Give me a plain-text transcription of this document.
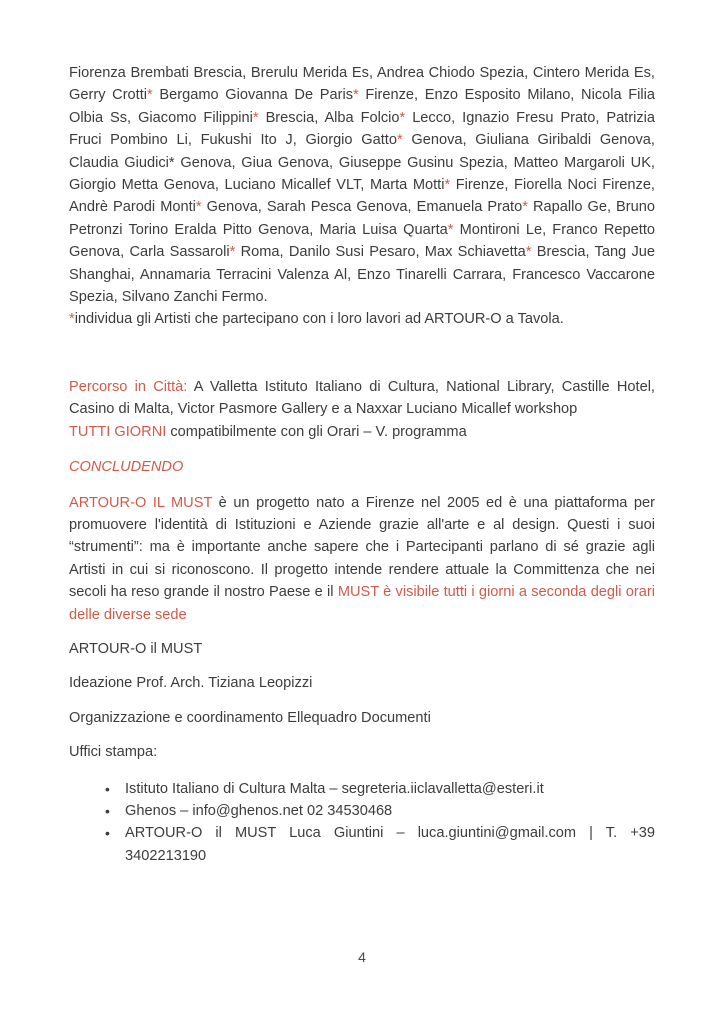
Fiorenza Brembati Brescia, Brerulu Merida Es, Andrea Chiodo Spezia, Cintero Merida Es, Gerry Crotti* Bergamo Giovanna De Paris* Firenze, Enzo Esposito Milano, Nicola Filia Olbia Ss, Giacomo Filippini* Brescia, Alba Folcio* Lecco, Ignazio Fresu Prato, Patrizia Fruci Pombino Li, Fukushi Ito J, Giorgio Gatto* Genova, Giuliana Giribaldi Genova, Claudia Giudici* Genova, Giua Genova, Giuseppe Gusinu Spezia, Matteo Margaroli UK, Giorgio Metta Genova, Luciano Micallef VLT, Marta Motti* Firenze, Fiorella Noci Firenze, Andrè Parodi Monti* Genova, Sarah Pesca Genova, Emanuela Prato* Rapallo Ge, Bruno Petronzi Torino Eralda Pitto Genova, Maria Luisa Quarta* Montironi Le, Franco Repetto Genova, Carla Sassaroli* Roma, Danilo Susi Pesaro, Max Schiavetta* Brescia, Tang Jue Shanghai, Annamaria Terracini Valenza Al, Enzo Tinarelli Carrara, Francesco Vaccarone Spezia, Silvano Zanchi Fermo.

*individua gli Artisti che partecipano con i loro lavori ad ARTOUR-O a Tavola.

Percorso in Città: A Valletta Istituto Italiano di Cultura, National Library, Castille Hotel, Casino di Malta, Victor Pasmore Gallery e a Naxxar Luciano Micallef workshop

TUTTI GIORNI compatibilmente con gli Orari – V. programma

CONCLUDENDO

ARTOUR-O IL MUST è un progetto nato a Firenze nel 2005 ed è una piattaforma per promuovere l'identità di Istituzioni e Aziende grazie all'arte e al design. Questi i suoi “strumenti”: ma è importante anche sapere che i Partecipanti parlano di sé grazie agli Artisti in cui si riconoscono. Il progetto intende rendere attuale la Committenza che nei secoli ha reso grande il nostro Paese e il MUST è visibile tutti i giorni a seconda degli orari delle diverse sede

ARTOUR-O il MUST

Ideazione Prof. Arch. Tiziana Leopizzi

Organizzazione e coordinamento Ellequadro Documenti

Uffici stampa:

• Istituto Italiano di Cultura Malta – segreteria.iiclavalletta@esteri.it
• Ghenos – info@ghenos.net 02 34530468
• ARTOUR-O il MUST Luca Giuntini – luca.giuntini@gmail.com | T. +39 3402213190
4
